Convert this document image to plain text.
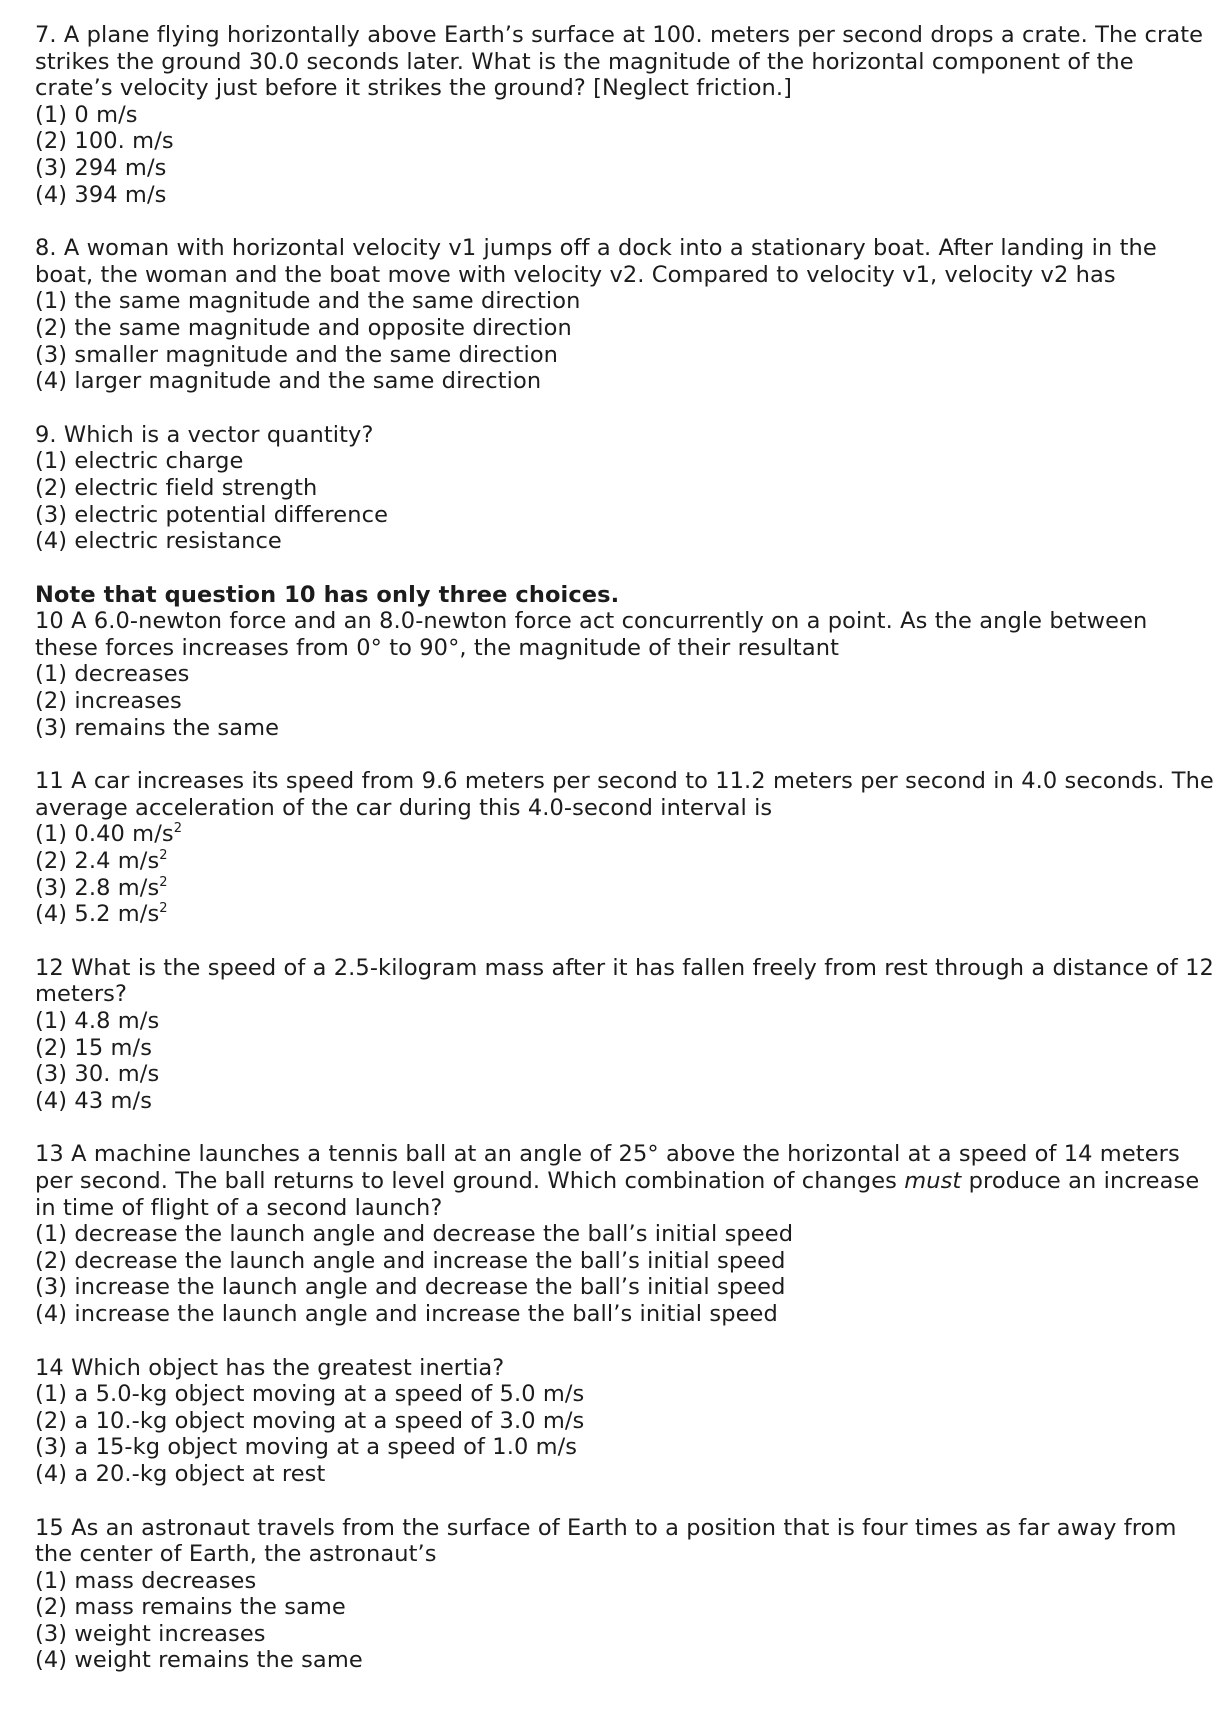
7. A plane flying horizontally above Earth’s surface at 100. meters per second drops a crate. The crate strikes the ground 30.0 seconds later. What is the magnitude of the horizontal component of the crate’s velocity just before it strikes the ground? [Neglect friction.]

(1) 0 m/s
(2) 100. m/s
(3) 294 m/s
(4) 394 m/s

8. A woman with horizontal velocity v1 jumps off a dock into a stationary boat. After landing in the boat, the woman and the boat move with velocity v2. Compared to velocity v1, velocity v2 has

(1) the same magnitude and the same direction
(2) the same magnitude and opposite direction
(3) smaller magnitude and the same direction
(4) larger magnitude and the same direction

9. Which is a vector quantity?

(1) electric charge
(2) electric field strength
(3) electric potential difference
(4) electric resistance

Note that question 10 has only three choices.

10 A 6.0-newton force and an 8.0-newton force act concurrently on a point. As the angle between these forces increases from 0° to 90°, the magnitude of their resultant

(1) decreases
(2) increases
(3) remains the same

11 A car increases its speed from 9.6 meters per second to 11.2 meters per second in 4.0 seconds. The average acceleration of the car during this 4.0-second interval is

(1) 0.40 $m/s^2$
(2) 2.4 $m/s^2$
(3) 2.8 $m/s^2$
(4) 5.2 $m/s^2$

12 What is the speed of a 2.5-kilogram mass after it has fallen freely from rest through a distance of 12 meters?

(1) 4.8 m/s
(2) 15 m/s
(3) 30. m/s
(4) 43 m/s

13 A machine launches a tennis ball at an angle of 25° above the horizontal at a speed of 14 meters per second. The ball returns to level ground. Which combination of changes must produce an increase in time of flight of a second launch?

(1) decrease the launch angle and decrease the ball’s initial speed
(2) decrease the launch angle and increase the ball’s initial speed
(3) increase the launch angle and decrease the ball’s initial speed
(4) increase the launch angle and increase the ball’s initial speed

14 Which object has the greatest inertia?

(1) a 5.0-kg object moving at a speed of 5.0 m/s
(2) a 10.-kg object moving at a speed of 3.0 m/s
(3) a 15-kg object moving at a speed of 1.0 m/s
(4) a 20.-kg object at rest

15 As an astronaut travels from the surface of Earth to a position that is four times as far away from the center of Earth, the astronaut’s

(1) mass decreases
(2) mass remains the same
(3) weight increases
(4) weight remains the same
